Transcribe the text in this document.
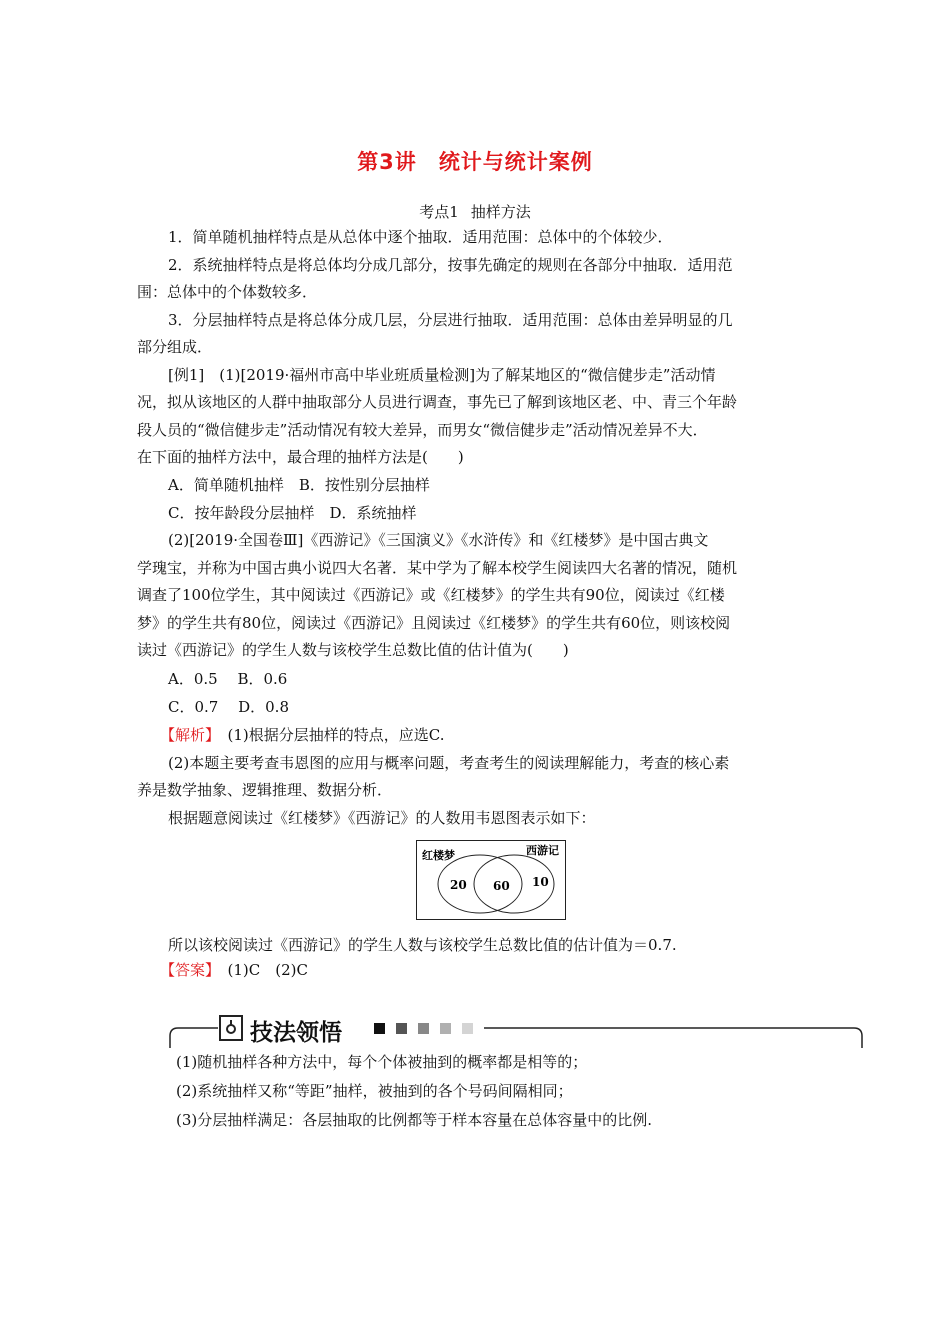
第3讲 统计与统计案例
考点1 抽样方法
1．简单随机抽样特点是从总体中逐个抽取．适用范围：总体中的个体较少．
2．系统抽样特点是将总体均分成几部分，按事先确定的规则在各部分中抽取．适用范
围：总体中的个体数较多．
3．分层抽样特点是将总体分成几层，分层进行抽取．适用范围：总体由差异明显的几
部分组成．
[例1]　(1)[2019·福州市高中毕业班质量检测]为了解某地区的“微信健步走”活动情
况，拟从该地区的人群中抽取部分人员进行调查，事先已了解到该地区老、中、青三个年龄
段人员的“微信健步走”活动情况有较大差异，而男女“微信健步走”活动情况差异不大．
在下面的抽样方法中，最合理的抽样方法是(　　)
A．简单随机抽样　B．按性别分层抽样
C．按年龄段分层抽样　D．系统抽样
(2)[2019·全国卷Ⅲ]《西游记》《三国演义》《水浒传》和《红楼梦》是中国古典文
学瑰宝，并称为中国古典小说四大名著．某中学为了解本校学生阅读四大名著的情况，随机
调查了100位学生，其中阅读过《西游记》或《红楼梦》的学生共有90位，阅读过《红楼
梦》的学生共有80位，阅读过《西游记》且阅读过《红楼梦》的学生共有60位，则该校阅
读过《西游记》的学生人数与该校学生总数比值的估计值为(　　)
A．0.5　 B．0.6
C．0.7　 D．0.8
【解析】　(1)根据分层抽样的特点，应选C.
(2)本题主要考查韦恩图的应用与概率问题，考查考生的阅读理解能力，考查的核心素
养是数学抽象、逻辑推理、数据分析．
根据题意阅读过《红楼梦》《西游记》的人数用韦恩图表示如下：
红楼梦	西游记
20 60 10
所以该校阅读过《西游记》的学生人数与该校学生总数比值的估计值为＝0.7.
【答案】　(1)C　(2)C
技法领悟
(1)随机抽样各种方法中，每个个体被抽到的概率都是相等的；
(2)系统抽样又称“等距”抽样，被抽到的各个号码间隔相同；
(3)分层抽样满足：各层抽取的比例都等于样本容量在总体容量中的比例.
